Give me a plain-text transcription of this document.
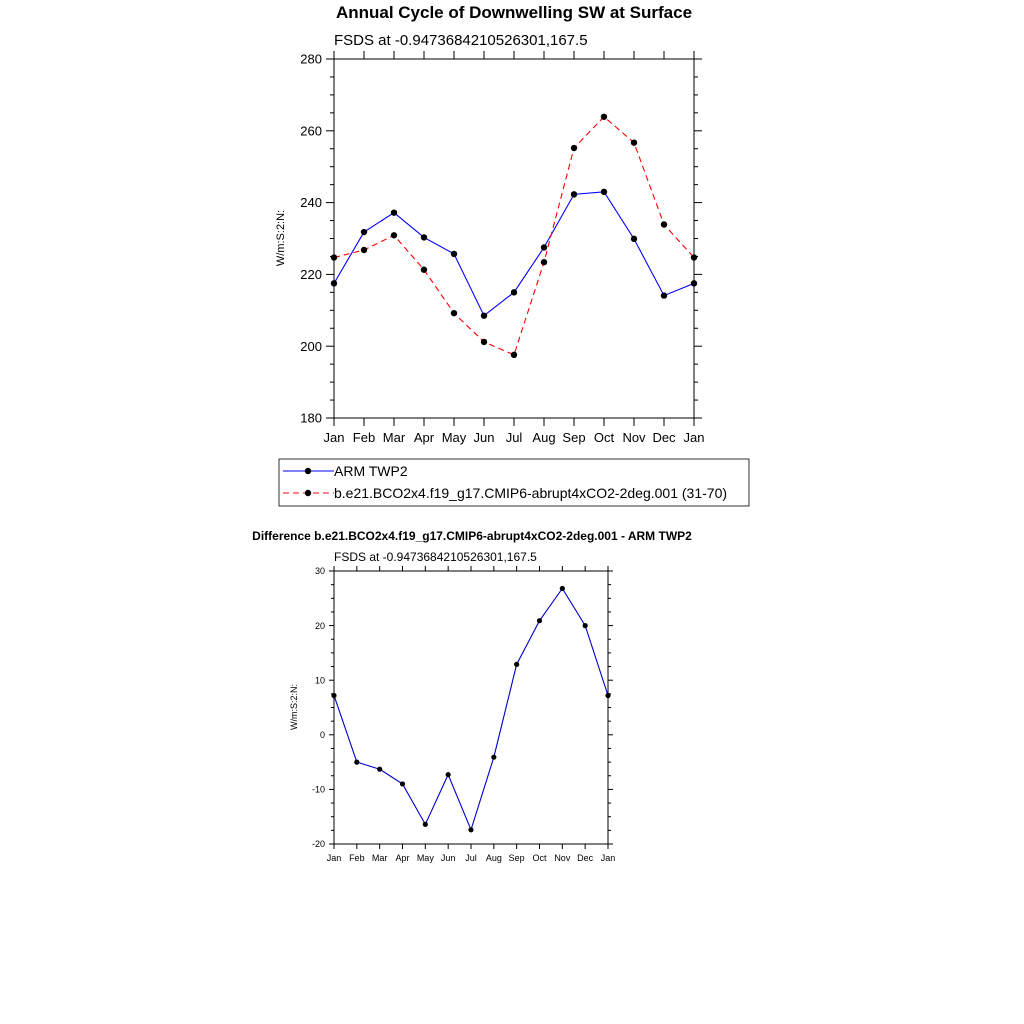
Annual Cycle of Downwelling SW at Surface
FSDS at -0.9473684210526301,167.5
W/m:S:2:N:
180
200
220
240
260
280
Jan Feb Mar Apr May Jun Jul Aug Sep Oct Nov Dec Jan
ARM TWP2
b.e21.BCO2x4.f19_g17.CMIP6-abrupt4xCO2-2deg.001 (31-70)
Difference b.e21.BCO2x4.f19_g17.CMIP6-abrupt4xCO2-2deg.001 - ARM TWP2
FSDS at -0.9473684210526301,167.5
W/m:S:2:N:
-20
-10
0
10
20
30
Jan Feb Mar Apr May Jun Jul Aug Sep Oct Nov Dec Jan
